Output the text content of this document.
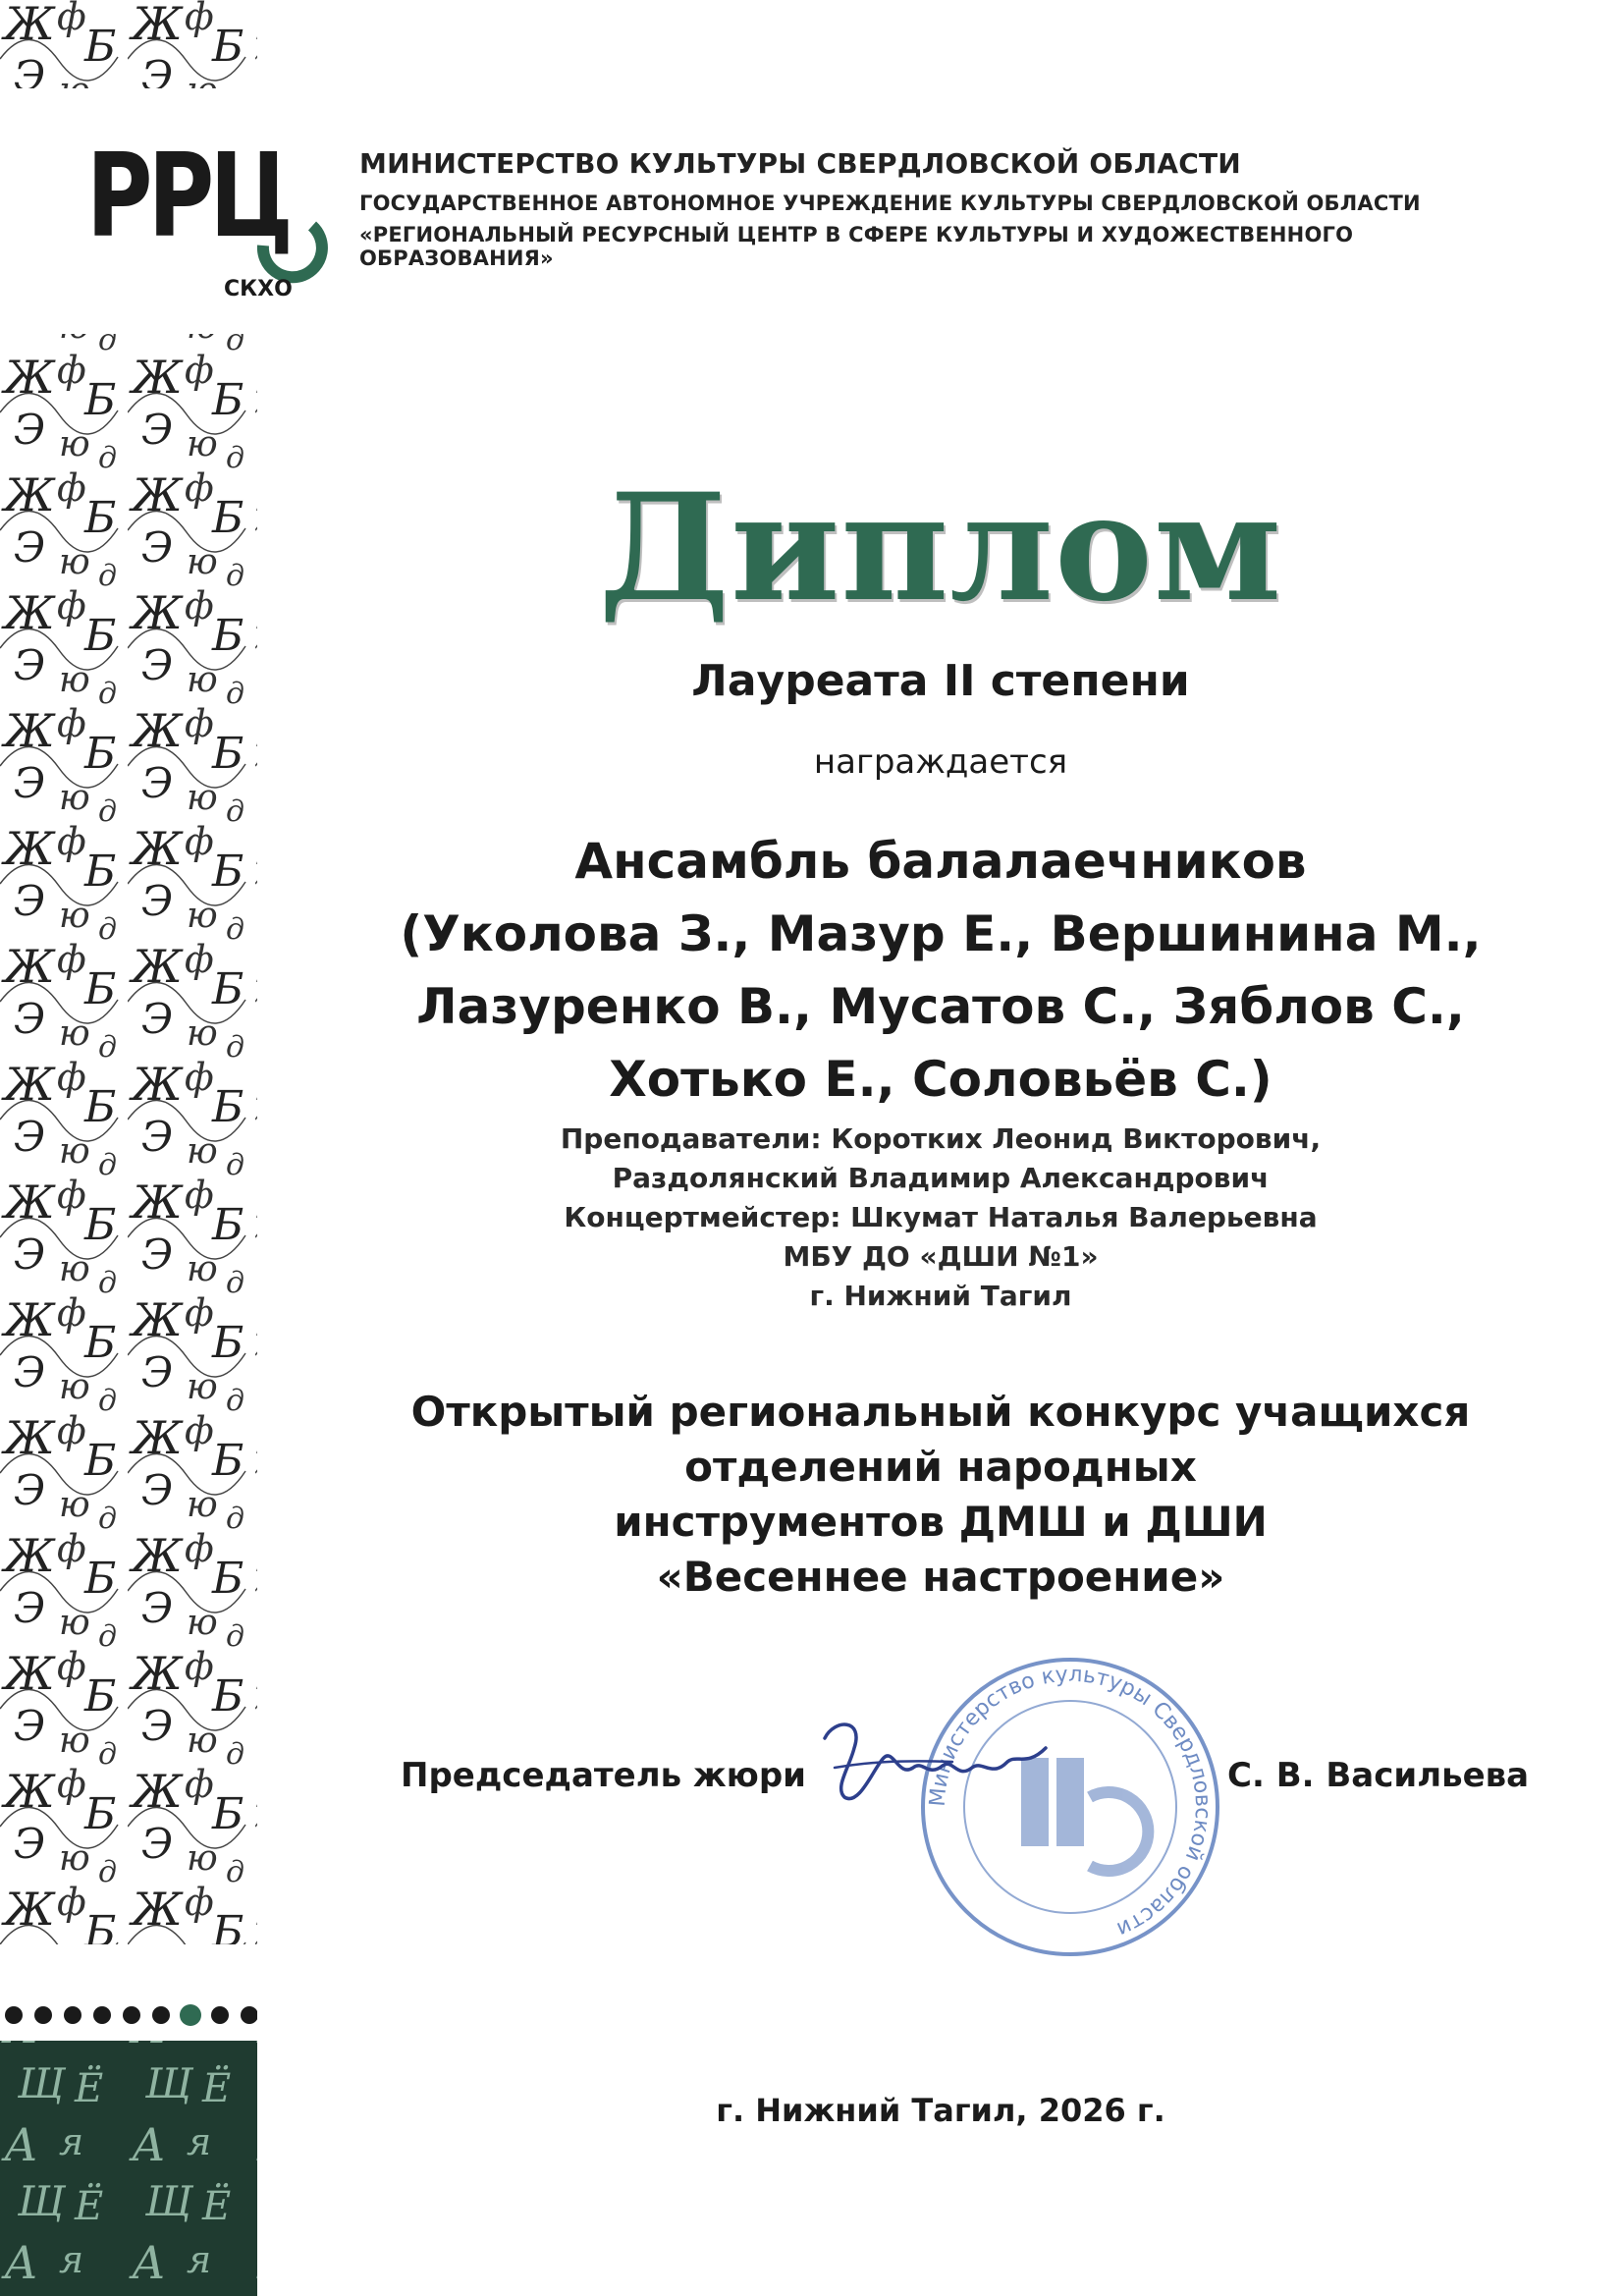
РРЦ
СКХО
МИНИСТЕРСТВО КУЛЬТУРЫ СВЕРДЛОВСКОЙ ОБЛАСТИ
ГОСУДАРСТВЕННОЕ АВТОНОМНОЕ УЧРЕЖДЕНИЕ КУЛЬТУРЫ СВЕРДЛОВСКОЙ ОБЛАСТИ
«РЕГИОНАЛЬНЫЙ РЕСУРСНЫЙ ЦЕНТР В СФЕРЕ КУЛЬТУРЫ И ХУДОЖЕСТВЕННОГО ОБРАЗОВАНИЯ»
Диплом
Лауреата II степени
награждается
Ансамбль балалаечников
(Уколова З., Мазур Е., Вершинина М.,
Лазуренко В., Мусатов С., Зяблов С.,
Хотько Е., Соловьёв С.)
Преподаватели: Коротких Леонид Викторович,
Раздолянский Владимир Александрович
Концертмейстер: Шкумат Наталья Валерьевна
МБУ ДО «ДШИ №1»
г. Нижний Тагил
Открытый региональный конкурс учащихся
отделений народных
инструментов ДМШ и ДШИ
«Весеннее настроение»
Председатель жюри
Министерство культуры Свердловской области
С. В. Васильева
г. Нижний Тагил, 2026 г.
